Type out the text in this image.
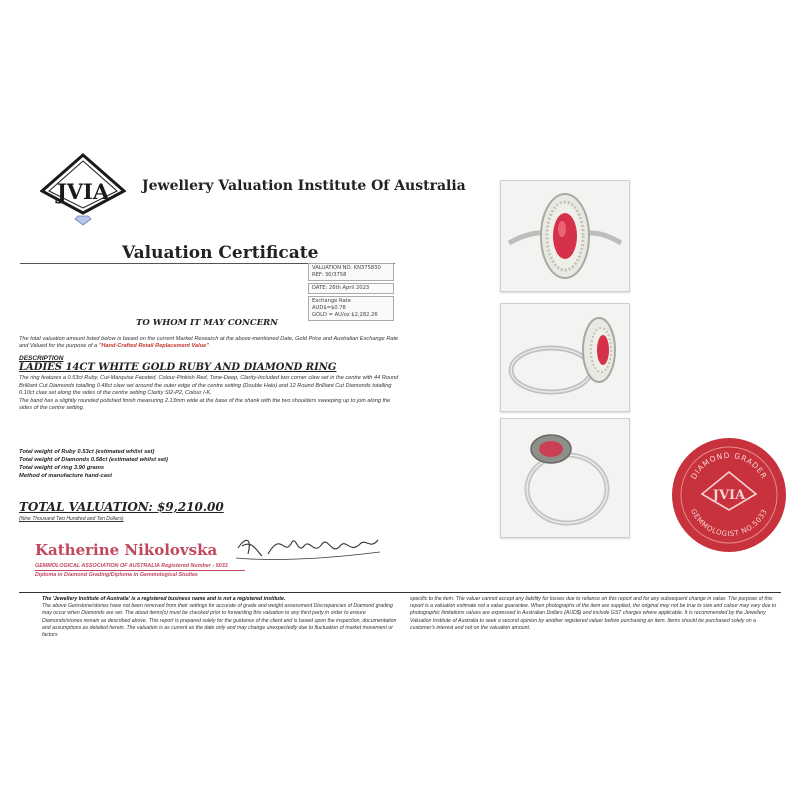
JVIA Jewellery Valuation Institute Of Australia
Valuation Certificate
VALUATION NO. KN375830
REF: 30/3758
DATE: 26th April 2023
Exchange Rate
AUD$=$0.78
GOLD = AU/oz $2,282.26
TO WHOM IT MAY CONCERN
The total valuation amount listed below is based on the current Market Research at the above-mentioned Date, Gold Price and Australian Exchange Rate and Valued for the purpose of a "Hand-Crafted Retail Replacement Value"
DESCRIPTION
LADIES 14CT WHITE GOLD RUBY AND DIAMOND RING
The ring features a 0.53ct Ruby, Cut-Marquise Faceted, Colour-Pinkish Red, Tone-Deep, Clarity-Included two corner claw set in the centre with 44 Round Brilliant Cut Diamonds totalling 0.48ct claw set around the outer edge of the centre setting (Double Halo) and 12 Round Brilliant Cut Diamonds totalling 0.10ct claw set along the sides of the centre setting Clarity SI2-P2, Colour I-K.
The band has a slightly rounded polished finish measuring 2.13mm wide at the base of the shank with the two shoulders sweeping up to join along the sides of the centre setting.
Total weight of Ruby 0.53ct (estimated whilst set)
Total weight of Diamonds 0.58ct (estimated whilst set)
Total weight of ring 3.90 grams
Method of manufacture hand-cast
TOTAL VALUATION: $9,210.00
(Nine Thousand Two Hundred and Ten Dollars)
Katherine Nikolovska
GEMMOLOGICAL ASSOCIATION OF AUSTRALIA Registered Number - 5033
Diploma in Diamond Grading/Diploma in Gemmological Studies
The 'Jewellery Institute of Australia' is a registered business name and is not a registered institute.
The above Gemstone/stones have not been removed from their settings for accurate of grade and weight assessment Discrepancies of Diamond grading may occur when Diamonds are set. The about items(s) must be checked prior to forwarding this valuation to any third party in order to ensure Diamonds/stones remain as described above. This report is prepared solely for the guidance of the client and is based upon the inspection, documentation and assumptions as detailed herein. The valuation is as current as the date only and may change unexpectedly due to fluctuation of market movement or factors
specific to the item. The valuer cannot accept any liability for losses due to reliance on this report and for any subsequent change in value. The purpose of this report is a valuation estimate not a value guarantee. When photographs of the item are supplied, the original may not be true to size and colour may vary due to photographic limitations values are expressed in Australian Dollars (AUD$) and include GST charges where applicable. It is recommended by the Jewellery Valuation Institute of Australia to seek a second opinion by another registered valuer before purchasing an item. Items should be purchased solely on a customer's interest and not on the valuation amount.
DIAMOND GRADER
GEMMOLOGIST NO.5033
JVIA
